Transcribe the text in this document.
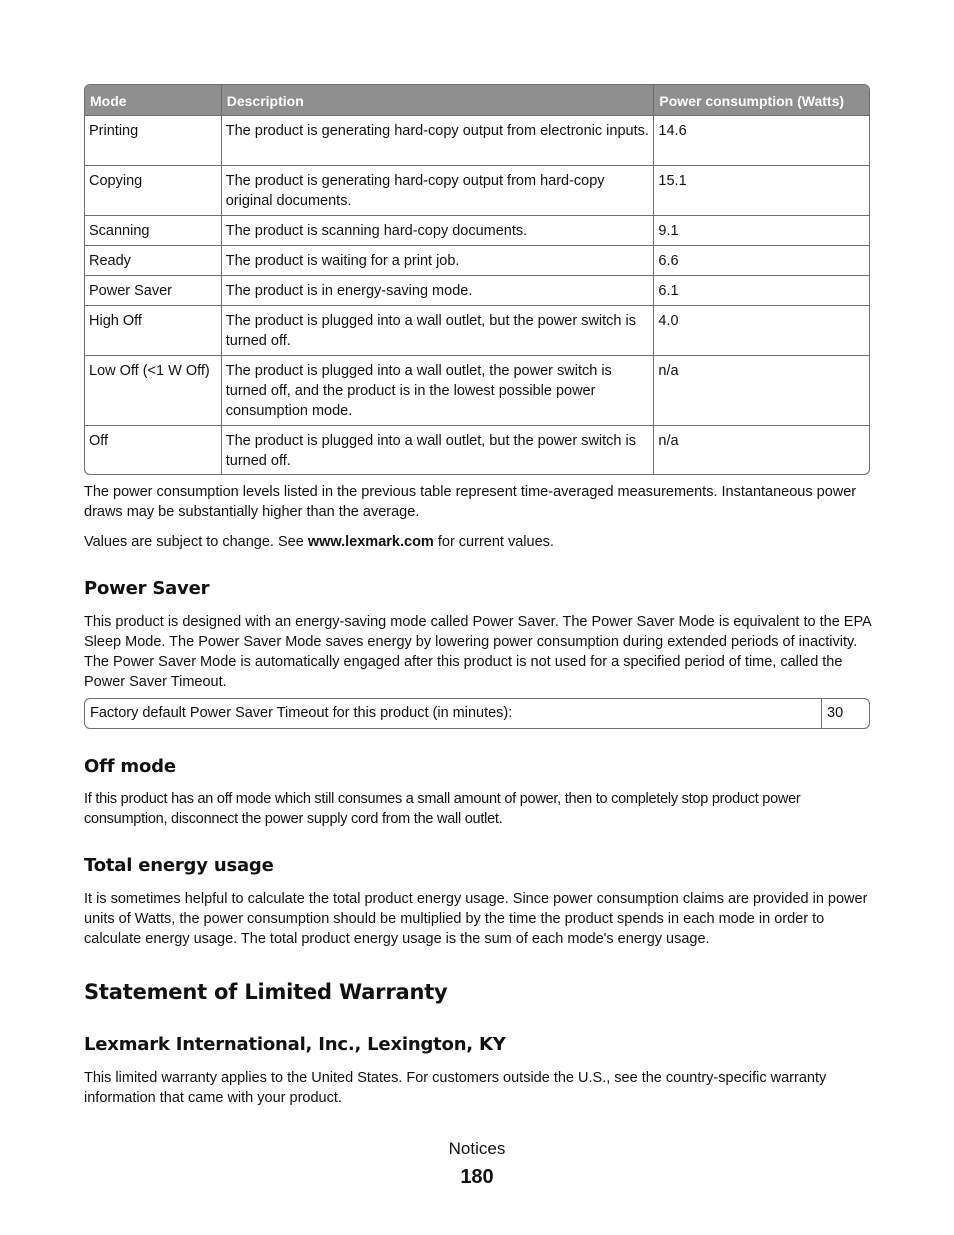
Mode	Description	Power consumption (Watts)
Printing	The product is generating hard-copy output from electronic inputs.	14.6
Copying	The product is generating hard-copy output from hard-copy original documents.	15.1
Scanning	The product is scanning hard-copy documents.	9.1
Ready	The product is waiting for a print job.	6.6
Power Saver	The product is in energy-saving mode.	6.1
High Off	The product is plugged into a wall outlet, but the power switch is turned off.	4.0
Low Off (<1 W Off)	The product is plugged into a wall outlet, the power switch is turned off, and the product is in the lowest possible power consumption mode.	n/a
Off	The product is plugged into a wall outlet, but the power switch is turned off.	n/a

The power consumption levels listed in the previous table represent time-averaged measurements. Instantaneous power draws may be substantially higher than the average.

Values are subject to change. See www.lexmark.com for current values.

Power Saver

This product is designed with an energy-saving mode called Power Saver. The Power Saver Mode is equivalent to the EPA Sleep Mode. The Power Saver Mode saves energy by lowering power consumption during extended periods of inactivity. The Power Saver Mode is automatically engaged after this product is not used for a specified period of time, called the Power Saver Timeout.

Factory default Power Saver Timeout for this product (in minutes):	30
Off mode

If this product has an off mode which still consumes a small amount of power, then to completely stop product power consumption, disconnect the power supply cord from the wall outlet.

Total energy usage

It is sometimes helpful to calculate the total product energy usage. Since power consumption claims are provided in power units of Watts, the power consumption should be multiplied by the time the product spends in each mode in order to calculate energy usage. The total product energy usage is the sum of each mode's energy usage.

Statement of Limited Warranty
Lexmark International, Inc., Lexington, KY

This limited warranty applies to the United States. For customers outside the U.S., see the country-specific warranty information that came with your product.

Notices
180
